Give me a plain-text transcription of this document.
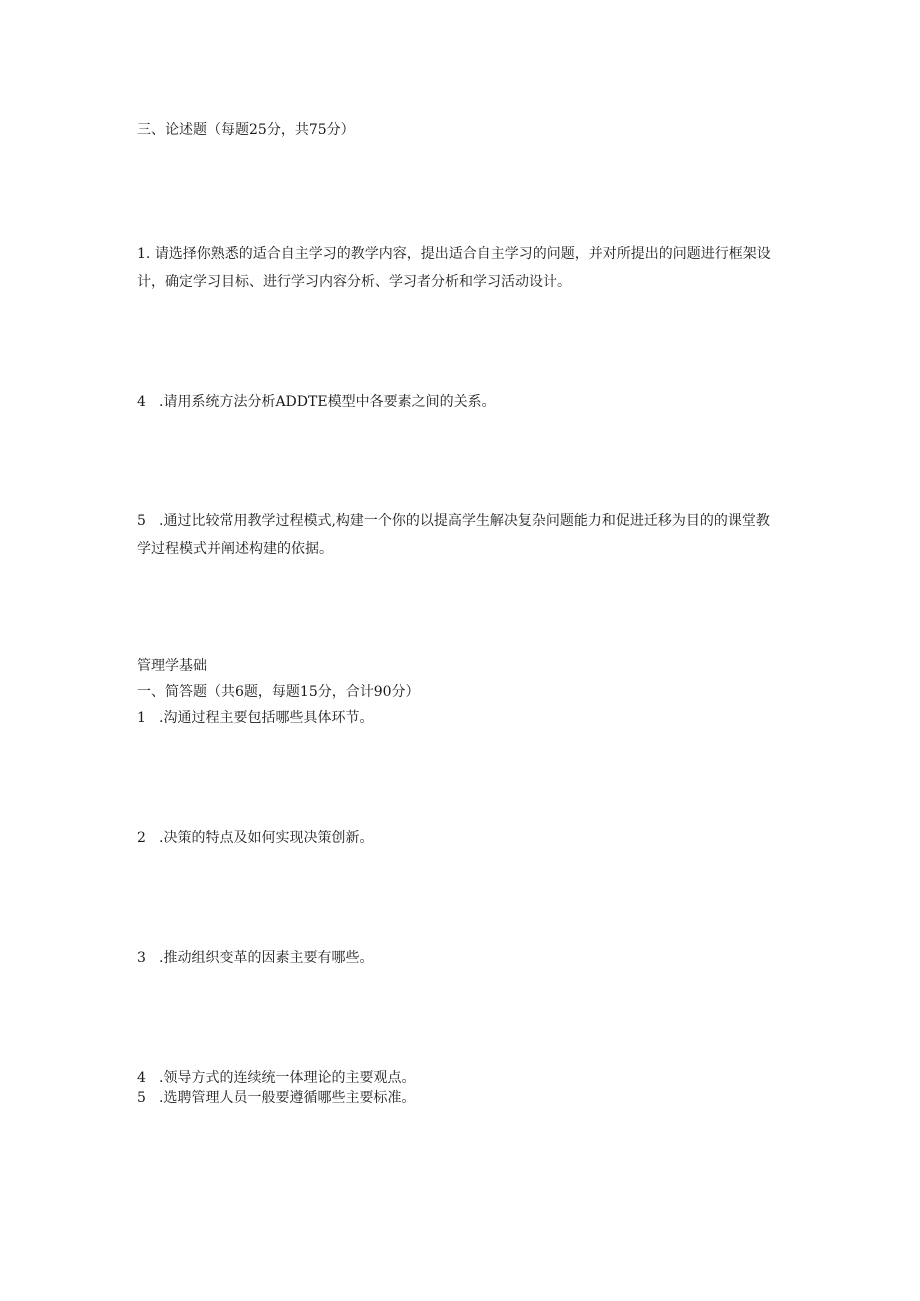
三、论述题（每题25分，共75分）
1. 请选择你熟悉的适合自主学习的教学内容，提出适合自主学习的问题，并对所提出的问题进行框架设计，确定学习目标、进行学习内容分析、学习者分析和学习活动设计。
4 .请用系统方法分析ADDTE模型中各要素之间的关系。
5 .通过比较常用教学过程模式,构建一个你的以提高学生解决复杂问题能力和促进迁移为目的的课堂教学过程模式并阐述构建的依据。
管理学基础
一、简答题（共6题，每题15分，合计90分）
1 .沟通过程主要包括哪些具体环节。
2 .决策的特点及如何实现决策创新。
3 .推动组织变革的因素主要有哪些。
4 .领导方式的连续统一体理论的主要观点。
5 .选聘管理人员一般要遵循哪些主要标准。
